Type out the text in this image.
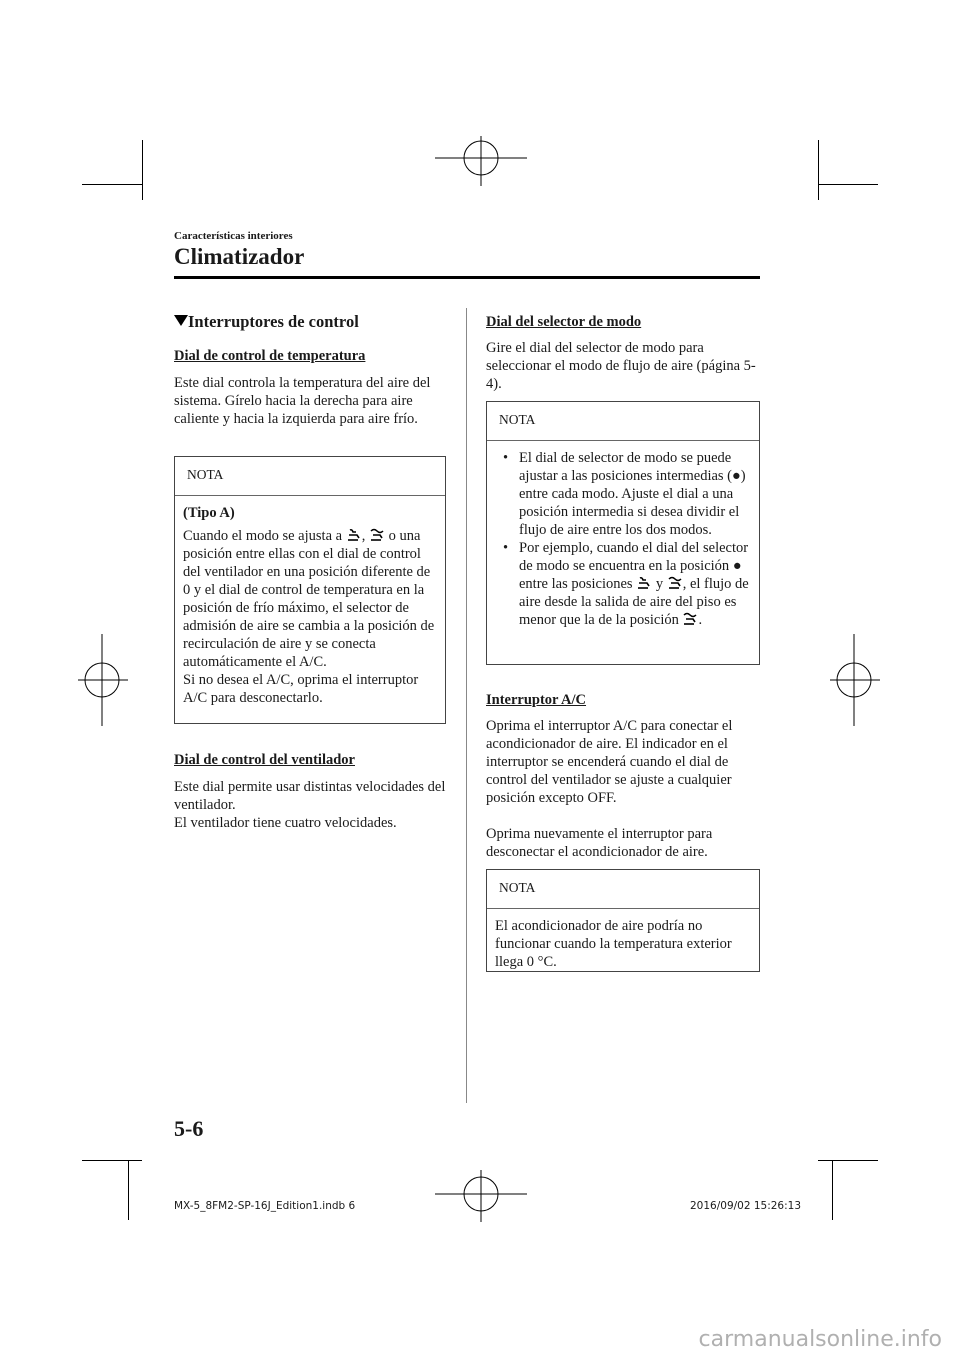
Características interiores
Climatizador
Interruptores de control
Dial de control de temperatura
Este dial controla la temperatura del aire del sistema. Gírelo hacia la derecha para aire caliente y hacia la izquierda para aire frío.
NOTA
(Tipo A)
Cuando el modo se ajusta a , o una posición entre ellas con el dial de control del ventilador en una posición diferente de 0 y el dial de control de temperatura en la posición de frío máximo, el selector de admisión de aire se cambia a la posición de recirculación de aire y se conecta automáticamente el A/C.
Si no desea el A/C, oprima el interruptor A/C para desconectarlo.
Dial de control del ventilador
Este dial permite usar distintas velocidades del ventilador.
El ventilador tiene cuatro velocidades.
Dial del selector de modo
Gire el dial del selector de modo para seleccionar el modo de flujo de aire (página 5-4).
NOTA
• El dial de selector de modo se puede ajustar a las posiciones intermedias (●) entre cada modo. Ajuste el dial a una posición intermedia si desea dividir el flujo de aire entre los dos modos.
• Por ejemplo, cuando el dial del selector de modo se encuentra en la posición ● entre las posiciones y , el flujo de aire desde la salida de aire del piso es menor que la de la posición .
Interruptor A/C
Oprima el interruptor A/C para conectar el acondicionador de aire. El indicador en el interruptor se encenderá cuando el dial de control del ventilador se ajuste a cualquier posición excepto OFF.
Oprima nuevamente el interruptor para desconectar el acondicionador de aire.
NOTA
El acondicionador de aire podría no funcionar cuando la temperatura exterior llega 0 °C.
5-6
MX-5_8FM2-SP-16J_Edition1.indb 6	2016/09/02 15:26:13
carmanualsonline.info
